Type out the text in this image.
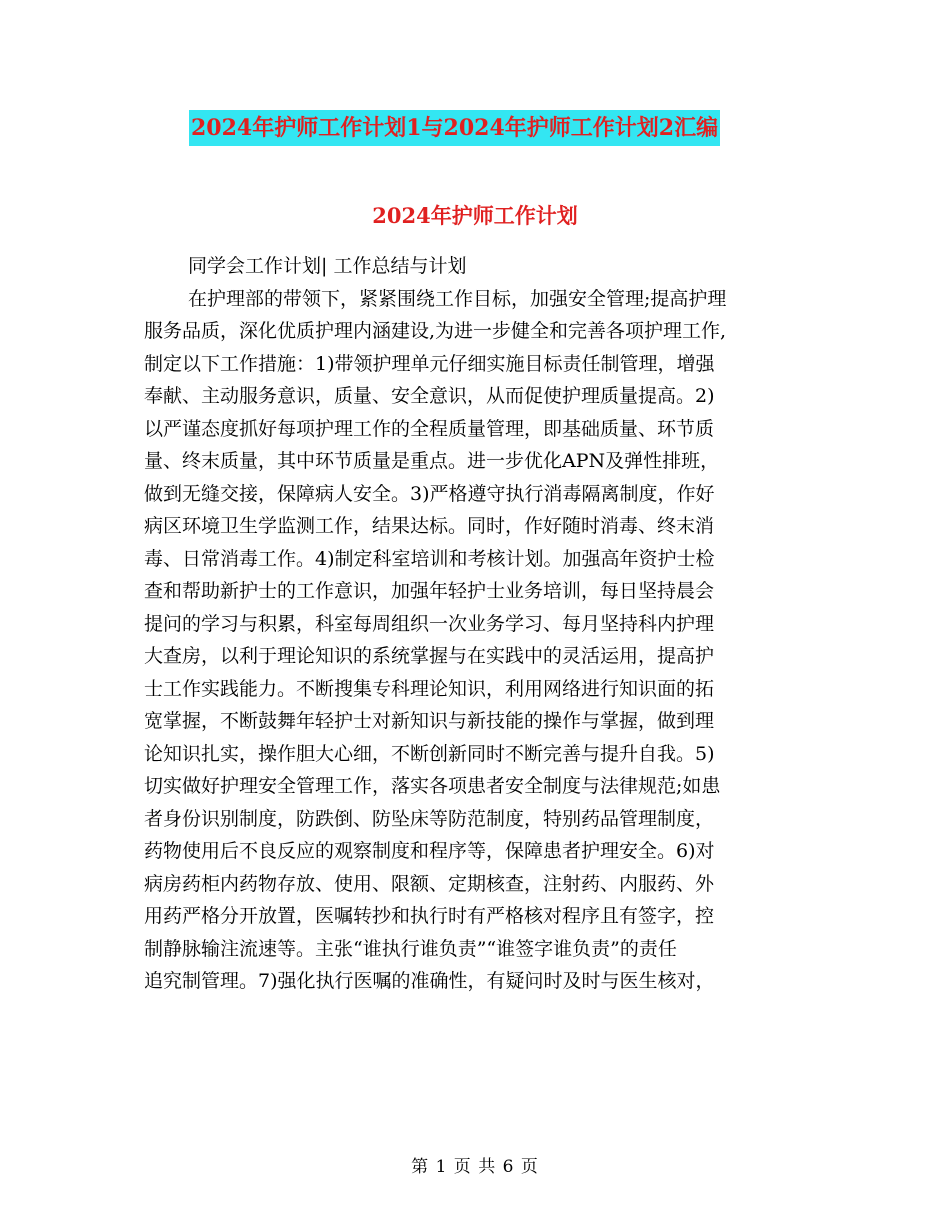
2024年护师工作计划1与2024年护师工作计划2汇编
2024年护师工作计划
同学会工作计划| 工作总结与计划
在护理部的带领下，紧紧围绕工作目标，加强安全管理;提高护理
服务品质，深化优质护理内涵建设,为进一步健全和完善各项护理工作,
制定以下工作措施：1)带领护理单元仔细实施目标责任制管理，增强
奉献、主动服务意识，质量、安全意识，从而促使护理质量提高。2)
以严谨态度抓好每项护理工作的全程质量管理，即基础质量、环节质
量、终末质量，其中环节质量是重点。进一步优化APN及弹性排班，
做到无缝交接，保障病人安全。3)严格遵守执行消毒隔离制度，作好
病区环境卫生学监测工作，结果达标。同时，作好随时消毒、终末消
毒、日常消毒工作。4)制定科室培训和考核计划。加强高年资护士检
查和帮助新护士的工作意识，加强年轻护士业务培训，每日坚持晨会
提问的学习与积累，科室每周组织一次业务学习、每月坚持科内护理
大查房，以利于理论知识的系统掌握与在实践中的灵活运用，提高护
士工作实践能力。不断搜集专科理论知识，利用网络进行知识面的拓
宽掌握，不断鼓舞年轻护士对新知识与新技能的操作与掌握，做到理
论知识扎实，操作胆大心细，不断创新同时不断完善与提升自我。5)
切实做好护理安全管理工作，落实各项患者安全制度与法律规范;如患
者身份识别制度，防跌倒、防坠床等防范制度，特别药品管理制度，
药物使用后不良反应的观察制度和程序等，保障患者护理安全。6)对
病房药柜内药物存放、使用、限额、定期核查，注射药、内服药、外
用药严格分开放置，医嘱转抄和执行时有严格核对程序且有签字，控
制静脉输注流速等。主张“谁执行谁负责”“谁签字谁负责”的责任
追究制管理。7)强化执行医嘱的准确性，有疑问时及时与医生核对，
第 1 页 共 6 页
